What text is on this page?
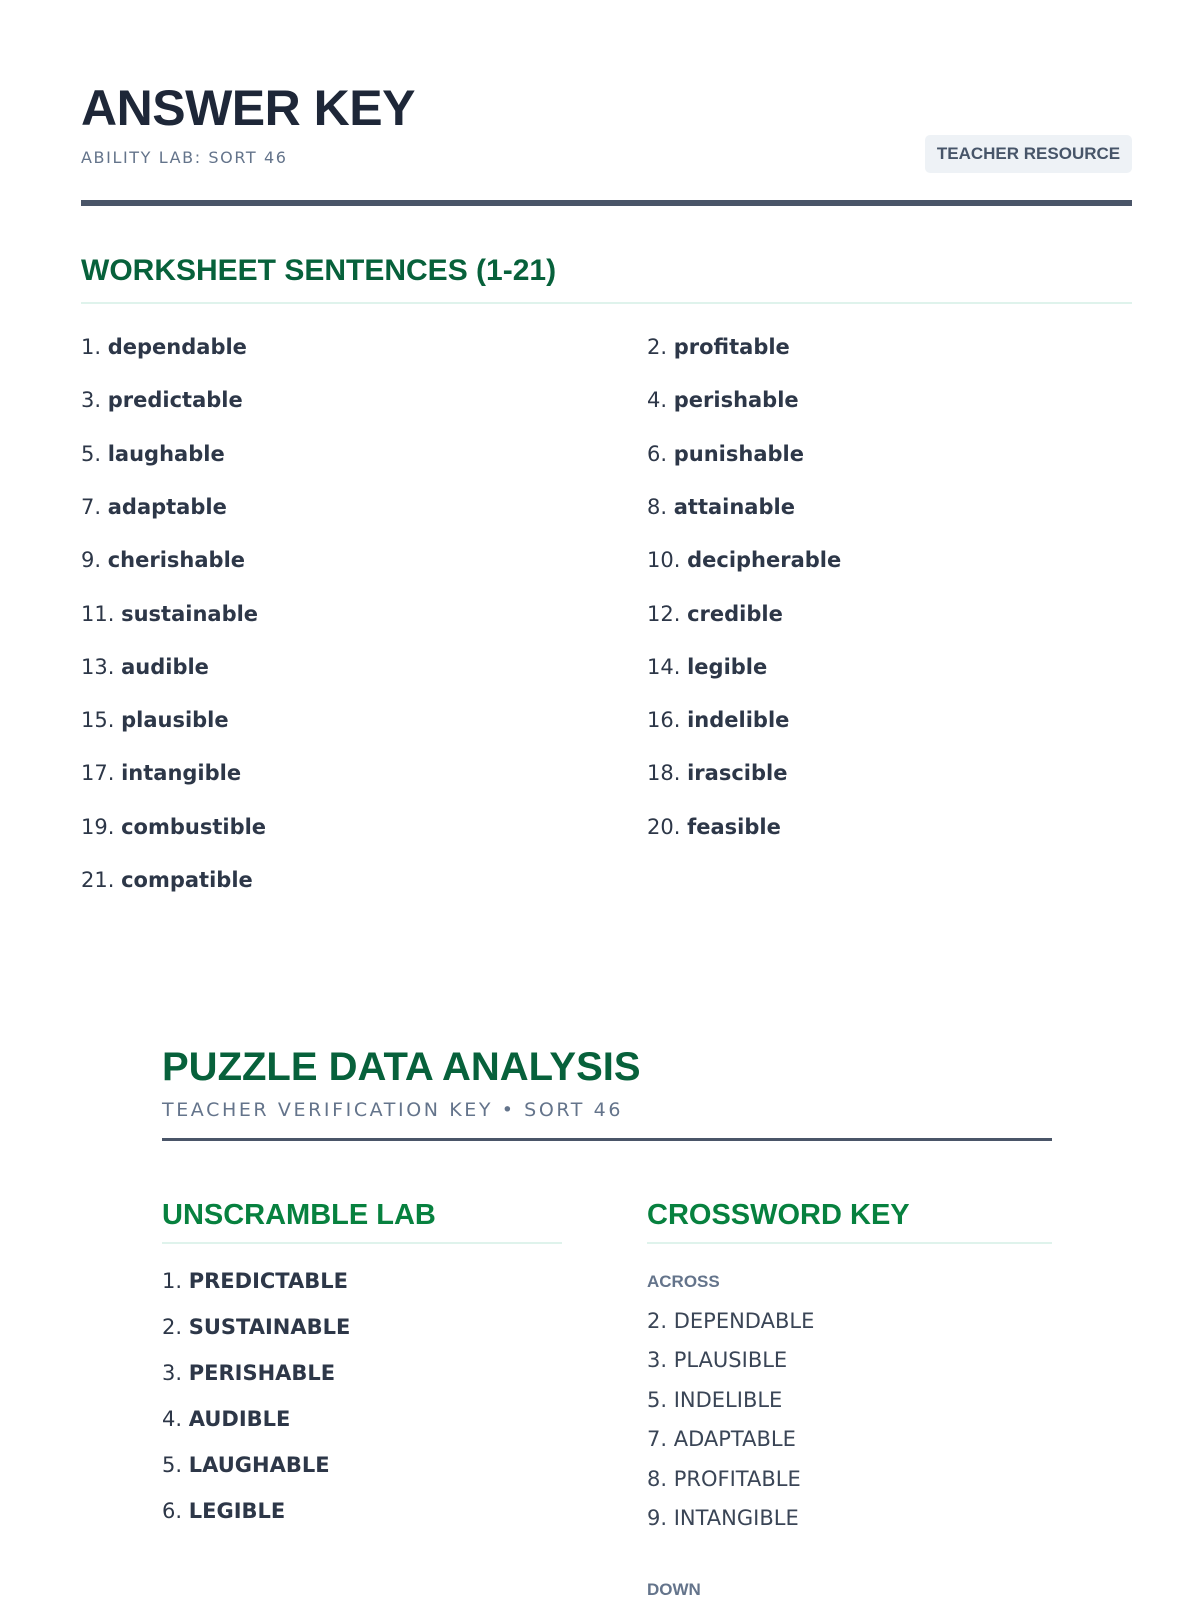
ANSWER KEY
ABILITY LAB: SORT 46	TEACHER RESOURCE
WORKSHEET SENTENCES (1-21)
1. dependable	2. profitable
3. predictable	4. perishable
5. laughable	6. punishable
7. adaptable	8. attainable
9. cherishable	10. decipherable
11. sustainable	12. credible
13. audible	14. legible
15. plausible	16. indelible
17. intangible	18. irascible
19. combustible	20. feasible
21. compatible
PUZZLE DATA ANALYSIS
TEACHER VERIFICATION KEY • SORT 46
UNSCRAMBLE LAB
1. PREDICTABLE
2. SUSTAINABLE
3. PERISHABLE
4. AUDIBLE
5. LAUGHABLE
6. LEGIBLE
CROSSWORD KEY
ACROSS
2. DEPENDABLE
3. PLAUSIBLE
5. INDELIBLE
7. ADAPTABLE
8. PROFITABLE
9. INTANGIBLE
DOWN
